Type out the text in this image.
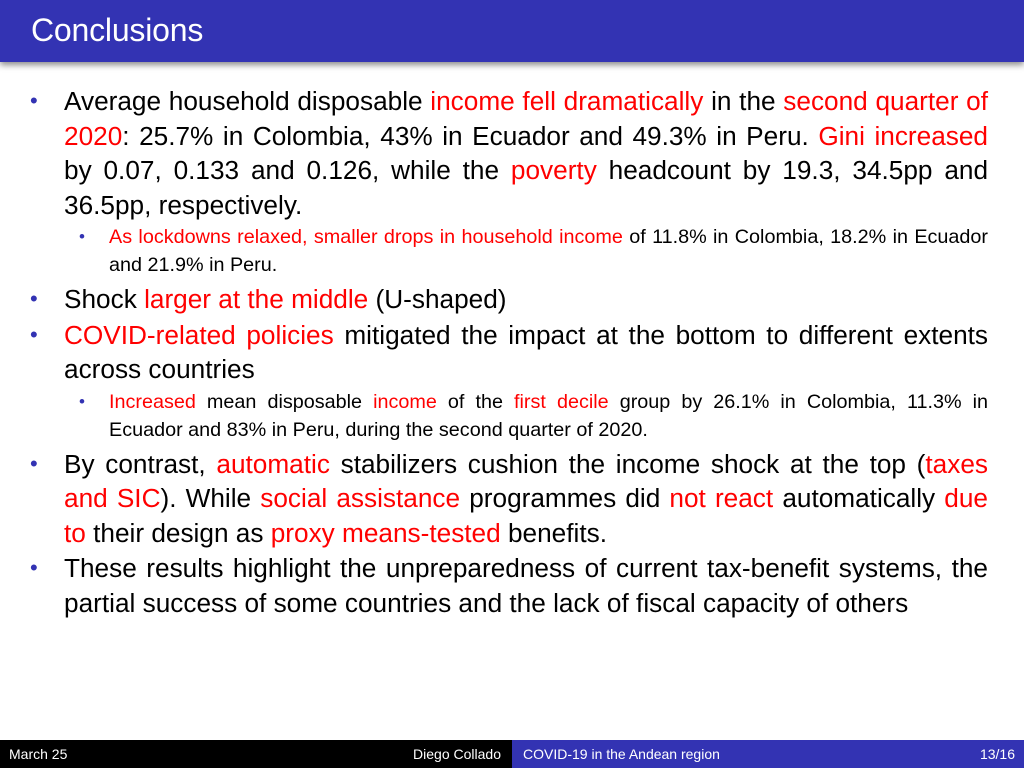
Conclusions
• Average household disposable income fell dramatically in the second quarter of 2020: 25.7% in Colombia, 43% in Ecuador and 49.3% in Peru. Gini increased by 0.07, 0.133 and 0.126, while the poverty headcount by 19.3, 34.5pp and 36.5pp, respectively.
• As lockdowns relaxed, smaller drops in household income of 11.8% in Colombia, 18.2% in Ecuador and 21.9% in Peru.
• Shock larger at the middle (U-shaped)
• COVID-related policies mitigated the impact at the bottom to different extents across countries
• Increased mean disposable income of the first decile group by 26.1% in Colombia, 11.3% in Ecuador and 83% in Peru, during the second quarter of 2020.
• By contrast, automatic stabilizers cushion the income shock at the top (taxes and SIC). While social assistance programmes did not react automatically due to their design as proxy means-tested benefits.
• These results highlight the unpreparedness of current tax-benefit systems, the partial success of some countries and the lack of fiscal capacity of others
March 25	Diego Collado COVID-19 in the Andean region	13/16
